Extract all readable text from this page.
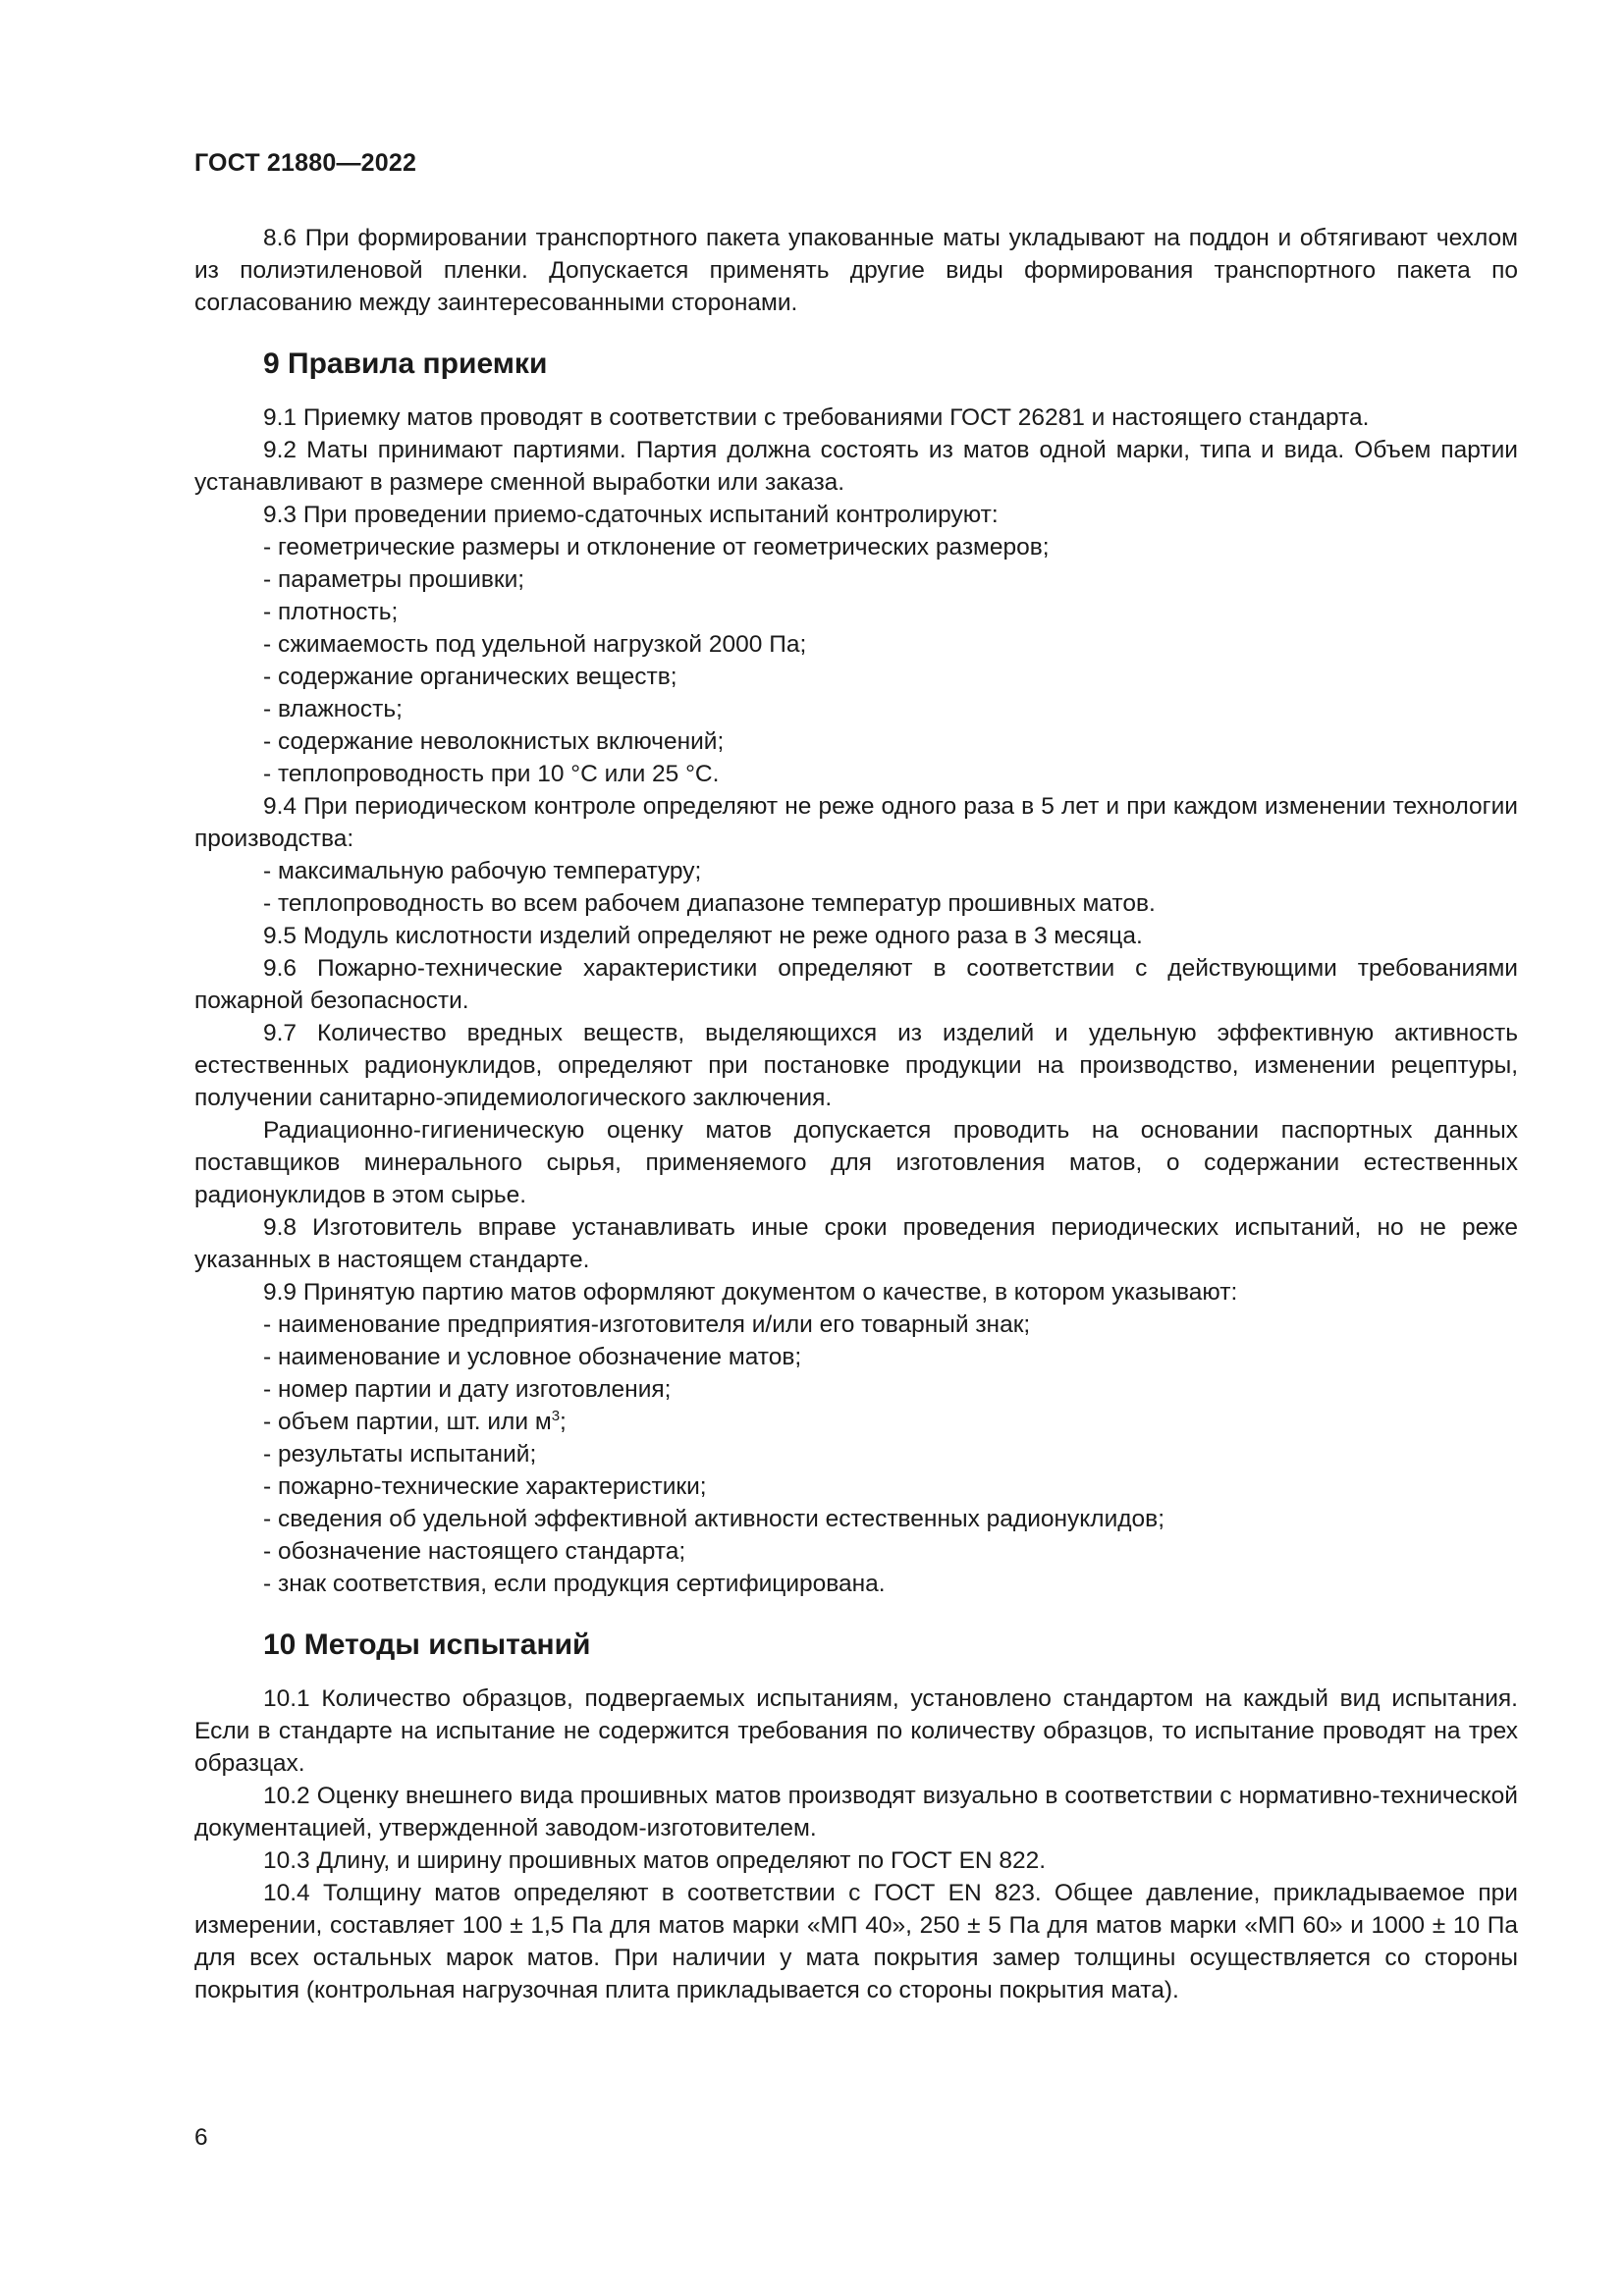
ГОСТ 21880—2022

8.6 При формировании транспортного пакета упакованные маты укладывают на поддон и обтягивают чехлом из полиэтиленовой пленки. Допускается применять другие виды формирования транспортного пакета по согласованию между заинтересованными сторонами.

9 Правила приемки

9.1 Приемку матов проводят в соответствии с требованиями ГОСТ 26281 и настоящего стандарта.

9.2 Маты принимают партиями. Партия должна состоять из матов одной марки, типа и вида. Объем партии устанавливают в размере сменной выработки или заказа.

9.3 При проведении приемо-сдаточных испытаний контролируют:

- геометрические размеры и отклонение от геометрических размеров;

- параметры прошивки;

- плотность;

- сжимаемость под удельной нагрузкой 2000 Па;

- содержание органических веществ;

- влажность;

- содержание неволокнистых включений;

- теплопроводность при 10 °С или 25 °С.

9.4 При периодическом контроле определяют не реже одного раза в 5 лет и при каждом изменении технологии производства:

- максимальную рабочую температуру;

- теплопроводность во всем рабочем диапазоне температур прошивных матов.

9.5 Модуль кислотности изделий определяют не реже одного раза в 3 месяца.

9.6 Пожарно-технические характеристики определяют в соответствии с действующими требованиями пожарной безопасности.

9.7 Количество вредных веществ, выделяющихся из изделий и удельную эффективную активность естественных радионуклидов, определяют при постановке продукции на производство, изменении рецептуры, получении санитарно-эпидемиологического заключения.

Радиационно-гигиеническую оценку матов допускается проводить на основании паспортных данных поставщиков минерального сырья, применяемого для изготовления матов, о содержании естественных радионуклидов в этом сырье.

9.8 Изготовитель вправе устанавливать иные сроки проведения периодических испытаний, но не реже указанных в настоящем стандарте.

9.9 Принятую партию матов оформляют документом о качестве, в котором указывают:

- наименование предприятия-изготовителя и/или его товарный знак;

- наименование и условное обозначение матов;

- номер партии и дату изготовления;

- объем партии, шт. или $м^3$;

- результаты испытаний;

- пожарно-технические характеристики;

- сведения об удельной эффективной активности естественных радионуклидов;

- обозначение настоящего стандарта;

- знак соответствия, если продукция сертифицирована.

10 Методы испытаний

10.1 Количество образцов, подвергаемых испытаниям, установлено стандартом на каждый вид испытания. Если в стандарте на испытание не содержится требования по количеству образцов, то испытание проводят на трех образцах.

10.2 Оценку внешнего вида прошивных матов производят визуально в соответствии с нормативно-технической документацией, утвержденной заводом-изготовителем.

10.3 Длину, и ширину прошивных матов определяют по ГОСТ EN 822.

10.4 Толщину матов определяют в соответствии с ГОСТ EN 823. Общее давление, прикладываемое при измерении, составляет 100 ± 1,5 Па для матов марки «МП 40», 250 ± 5 Па для матов марки «МП 60» и 1000 ± 10 Па для всех остальных марок матов. При наличии у мата покрытия замер толщины осуществляется со стороны покрытия (контрольная нагрузочная плита прикладывается со стороны покрытия мата).

6
